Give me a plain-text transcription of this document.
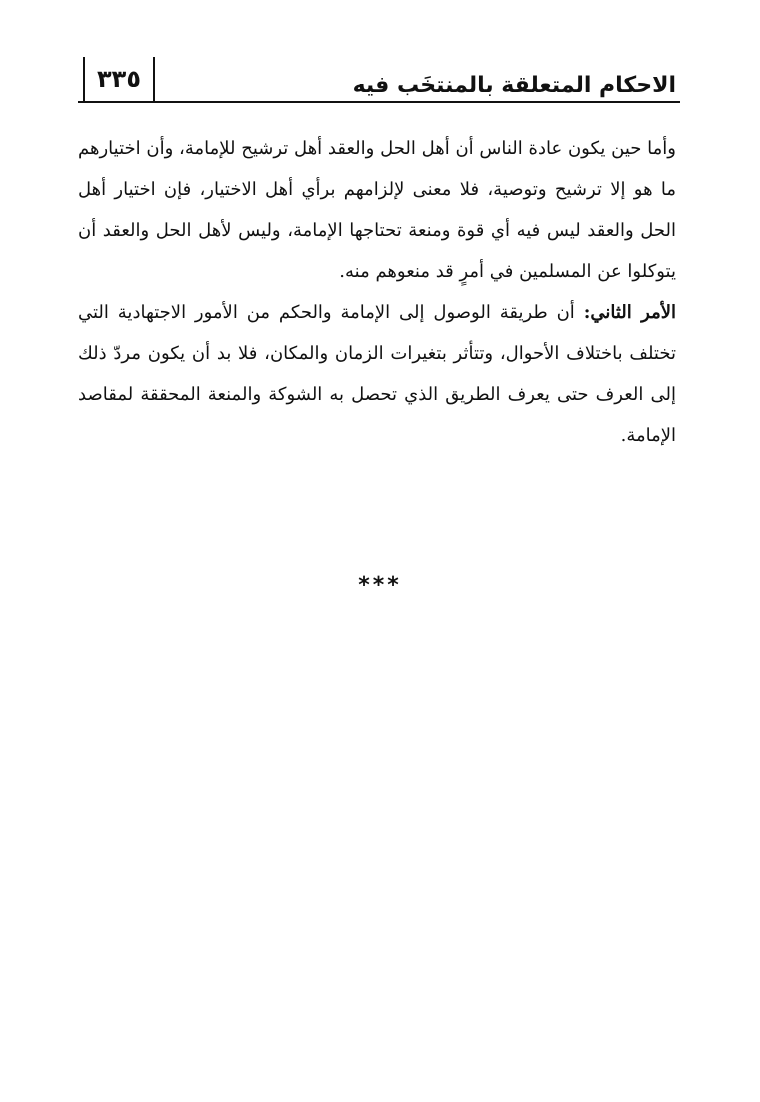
الاحكام المتعلقة بالمنتخَب فيه
٣٣٥

وأما حين يكون عادة الناس أن أهل الحل والعقد أهل ترشيح للإمامة، وأن اختيارهم ما هو إلا ترشيح وتوصية، فلا معنى لإلزامهم برأي أهل الاختيار، فإن اختيار أهل الحل والعقد ليس فيه أي قوة ومنعة تحتاجها الإمامة، وليس لأهل الحل والعقد أن يتوكلوا عن المسلمين في أمرٍ قد منعوهم منه.

الأمر الثاني: أن طريقة الوصول إلى الإمامة والحكم من الأمور الاجتهادية التي تختلف باختلاف الأحوال، وتتأثر بتغيرات الزمان والمكان، فلا بد أن يكون مردّ ذلك إلى العرف حتى يعرف الطريق الذي تحصل به الشوكة والمنعة المحققة لمقاصد الإمامة.

***
